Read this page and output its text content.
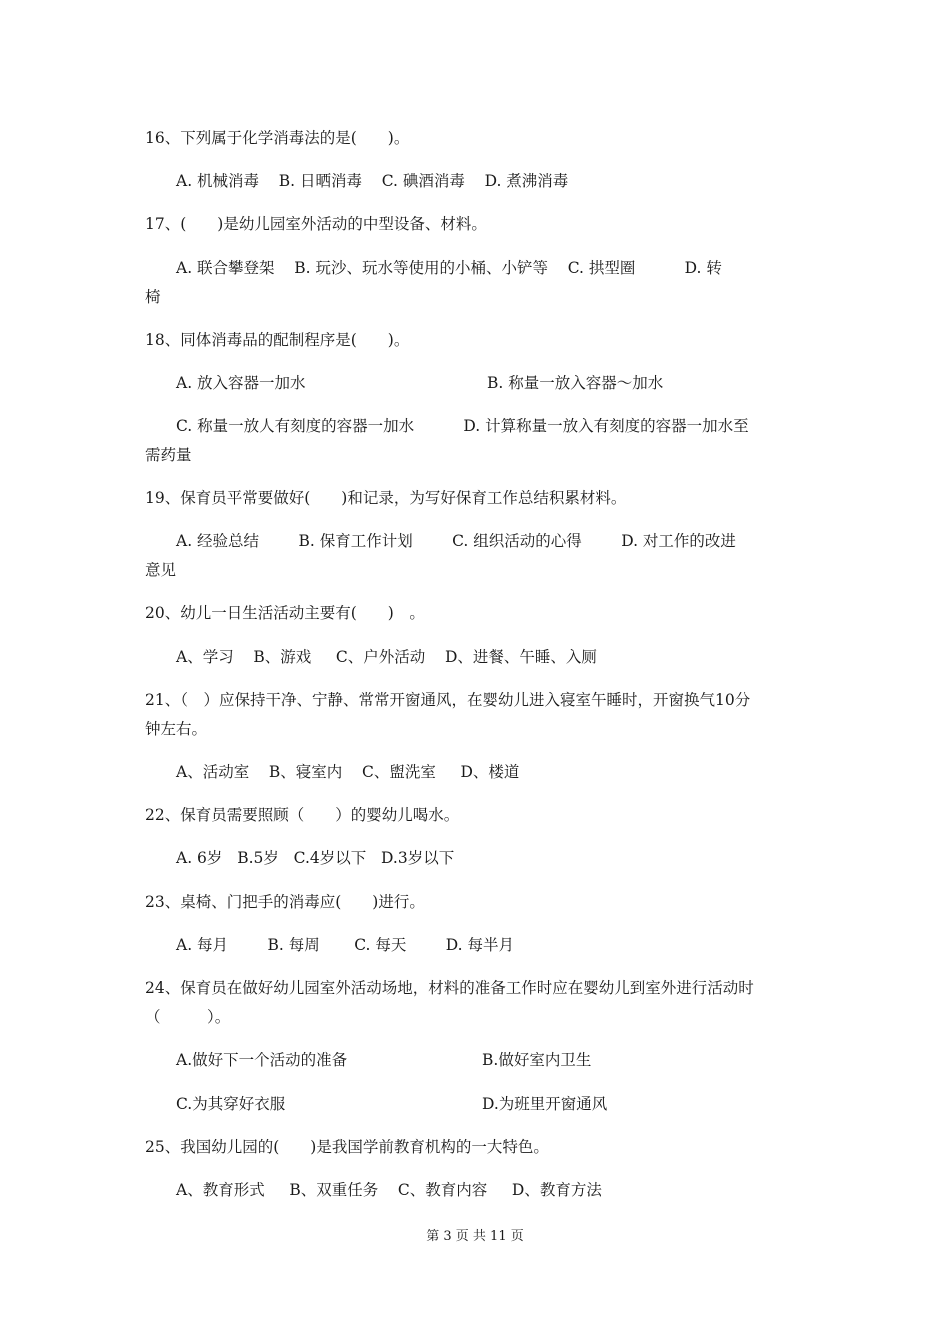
16、下列属于化学消毒法的是(　　)。
A. 机械消毒    B. 日晒消毒    C. 碘酒消毒    D. 煮沸消毒
17、(　　)是幼儿园室外活动的中型设备、材料。
A. 联合攀登架    B. 玩沙、玩水等使用的小桶、小铲等    C. 拱型圈          D. 转
椅
18、同体消毒品的配制程序是(　　)。
A. 放入容器一加水	B. 称量一放入容器～加水
C. 称量一放人有刻度的容器一加水          D. 计算称量一放入有刻度的容器一加水至
需药量
19、保育员平常要做好(　　)和记录，为写好保育工作总结积累材料。
A. 经验总结        B. 保育工作计划        C. 组织活动的心得        D. 对工作的改进
意见
20、幼儿一日生活活动主要有(　　)　。
A、学习    B、游戏     C、户外活动    D、进餐、午睡、入厕
21、（　）应保持干净、宁静、常常开窗通风，在婴幼儿进入寝室午睡时，开窗换气10分
钟左右。
A、活动室    B、寝室内    C、盥洗室     D、楼道
22、保育员需要照顾（　　）的婴幼儿喝水。
A. 6岁   B.5岁   C.4岁以下   D.3岁以下
23、桌椅、门把手的消毒应(　　)进行。
A. 每月        B. 每周       C. 每天        D. 每半月
24、保育员在做好幼儿园室外活动场地，材料的准备工作时应在婴幼儿到室外进行活动时
（　　　）。
A.做好下一个活动的准备	B.做好室内卫生
C.为其穿好衣服	D.为班里开窗通风
25、我国幼儿园的(　　)是我国学前教育机构的一大特色。
A、教育形式     B、双重任务    C、教育内容     D、教育方法
第 3 页 共 11 页
